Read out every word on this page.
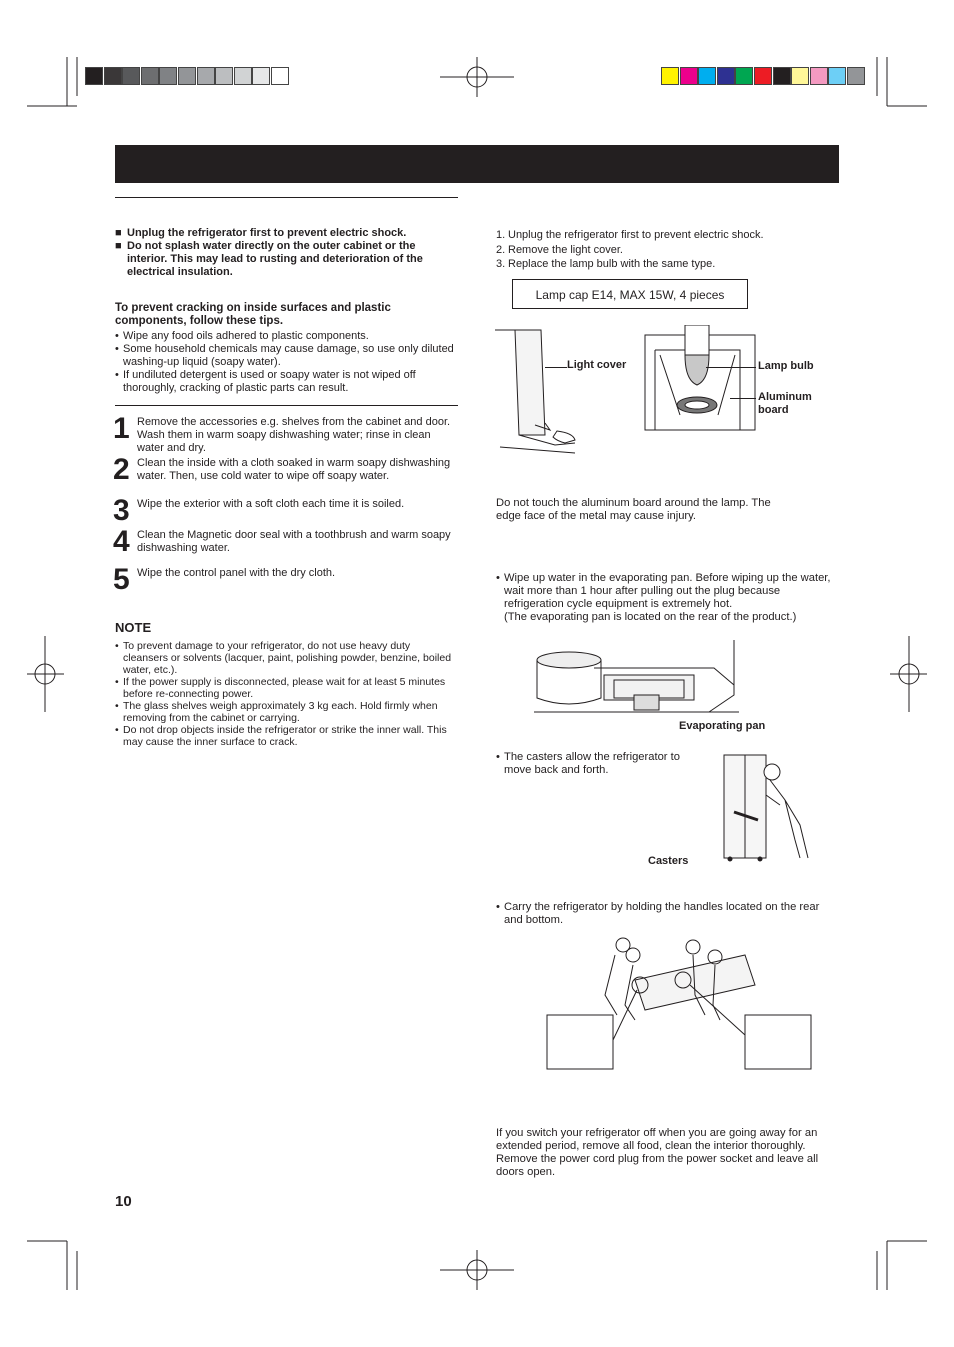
■ Unplug the refrigerator first to prevent electric shock.
■ Do not splash water directly on the outer cabinet or the interior. This may lead to rusting and deterioration of the electrical insulation.
To prevent cracking on inside surfaces and plastic components, follow these tips.
• Wipe any food oils adhered to plastic components.
• Some household chemicals may cause damage, so use only diluted washing-up liquid (soapy water).
• If undiluted detergent is used or soapy water is not wiped off thoroughly, cracking of plastic parts can result.
1 Remove the accessories e.g. shelves from the cabinet and door. Wash them in warm soapy dishwashing water; rinse in clean water and dry.
2 Clean the inside with a cloth soaked in warm soapy dishwashing water. Then, use cold water to wipe off soapy water.
3 Wipe the exterior with a soft cloth each time it is soiled.
4 Clean the Magnetic door seal with a toothbrush and warm soapy dishwashing water.
5 Wipe the control panel with the dry cloth.
NOTE
• To prevent damage to your refrigerator, do not use heavy duty cleansers or solvents (lacquer, paint, polishing powder, benzine, boiled water, etc.).
• If the power supply is disconnected, please wait for at least 5 minutes before re-connecting power.
• The glass shelves weigh approximately 3 kg each. Hold firmly when removing from the cabinet or carrying.
• Do not drop objects inside the refrigerator or strike the inner wall. This may cause the inner surface to crack.
10
1. Unplug the refrigerator first to prevent electric shock.
2. Remove the light cover.
3. Replace the lamp bulb with the same type.
Lamp cap E14, MAX 15W, 4 pieces
Light cover	Lamp bulb
Aluminum board
Do not touch the aluminum board around the lamp. The edge face of the metal may cause injury.
• Wipe up water in the evaporating pan. Before wiping up the water, wait more than 1 hour after pulling out the plug because refrigeration cycle equipment is extremely hot.
(The evaporating pan is located on the rear of the product.)
Evaporating pan
• The casters allow the refrigerator to move back and forth.
Casters
• Carry the refrigerator by holding the handles located on the rear and bottom.
If you switch your refrigerator off when you are going away for an extended period, remove all food, clean the interior thoroughly. Remove the power cord plug from the power socket and leave all doors open.
